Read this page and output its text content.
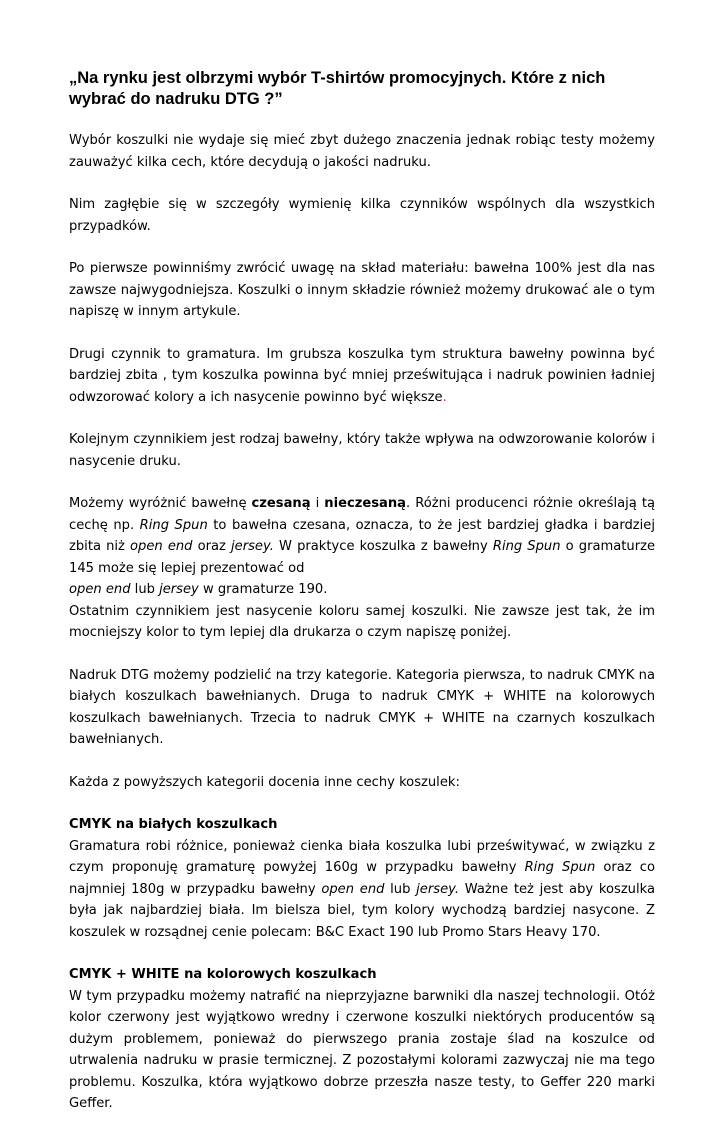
„Na rynku jest olbrzymi wybór T-shirtów promocyjnych. Które z nich wybrać do nadruku DTG ?”

Wybór koszulki nie wydaje się mieć zbyt dużego znaczenia jednak robiąc testy możemy zauważyć kilka cech, które decydują o jakości nadruku.

Nim zagłębie się w szczegóły wymienię kilka czynników wspólnych dla wszystkich przypadków.

Po pierwsze powinniśmy zwrócić uwagę na skład materiału: bawełna 100% jest dla nas zawsze najwygodniejsza. Koszulki o innym składzie również możemy drukować ale o tym napiszę w innym artykule.

Drugi czynnik to gramatura. Im grubsza koszulka tym struktura bawełny powinna być bardziej zbita , tym koszulka powinna być mniej prześwitująca i nadruk powinien ładniej odwzorować kolory a ich nasycenie powinno być większe.

Kolejnym czynnikiem jest rodzaj bawełny, który także wpływa na odwzorowanie kolorów i nasycenie druku.

Możemy wyróżnić bawełnę czesaną i nieczesaną. Różni producenci różnie określają tą cechę np. Ring Spun to bawełna czesana, oznacza, to że jest bardziej gładka i bardziej zbita niż open end oraz jersey. W praktyce koszulka z bawełny Ring Spun o gramaturze 145 może się lepiej prezentować od
open end lub jersey w gramaturze 190.

Ostatnim czynnikiem jest nasycenie koloru samej koszulki. Nie zawsze jest tak, że im mocniejszy kolor to tym lepiej dla drukarza o czym napiszę poniżej.

Nadruk DTG możemy podzielić na trzy kategorie. Kategoria pierwsza, to nadruk CMYK na białych koszulkach bawełnianych. Druga to nadruk CMYK + WHITE na kolorowych koszulkach bawełnianych. Trzecia to nadruk CMYK + WHITE na czarnych koszulkach bawełnianych.

Każda z powyższych kategorii docenia inne cechy koszulek:

CMYK na białych koszulkach
Gramatura robi różnice, ponieważ cienka biała koszulka lubi prześwitywać, w związku z czym proponuję gramaturę powyżej 160g w przypadku bawełny Ring Spun oraz co najmniej 180g w przypadku bawełny open end lub jersey. Ważne też jest aby koszulka była jak najbardziej biała. Im bielsza biel, tym kolory wychodzą bardziej nasycone. Z koszulek w rozsądnej cenie polecam: B&C Exact 190 lub Promo Stars Heavy 170.

CMYK + WHITE na kolorowych koszulkach
W tym przypadku możemy natrafić na nieprzyjazne barwniki dla naszej technologii. Otóż kolor czerwony jest wyjątkowo wredny i czerwone koszulki niektórych producentów są dużym problemem, ponieważ do pierwszego prania zostaje ślad na koszulce od utrwalenia nadruku w prasie termicznej. Z pozostałymi kolorami zazwyczaj nie ma tego problemu. Koszulka, która wyjątkowo dobrze przeszła nasze testy, to Geffer 220 marki Geffer.
